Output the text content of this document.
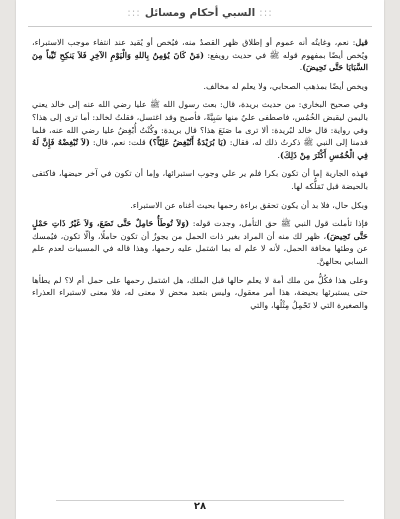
:::
السبي أحكام ومسائل
:::

قيل: نعم، وغايتُه أنه عموم أو إطلاق ظهر القصدُ منه، فيُخص أو يُقيد عند انتفاء موجب الاستبراء، ويُخص أيضًا بمفهوم قوله ﷺ في حديث رويفع: (مَنْ كَانَ يُؤمِنُ بِاللهِ وَالْيَوْمِ الآخِرِ فَلاَ يَنكِحِ ثَيِّباً مِنَ السَّبَايَا حَتَّى تَحِيضَ).

ويخص أيضًا بمذهب الصحابي، ولا يعلم له مخالف.

وفي صحيح البخاري: من حديث بريدة، قال: بعث رسول الله ﷺ عليا رضي الله عنه إلى خالد يعني باليمن ليقبض الخُمُس، فاصطفى عليٌ منها سَبِيَّةً، فأصبح وقد اغتسل، فقلتُ لخالد: أما ترى إلى هذا؟ وفي رواية: قال خالد لبُريدة: ألا ترى ما صَنَعَ هذا؟ قال بريدة: وكُنْتُ أُبْغِضُ عليا رضي الله عنه، فلما قدمنا إلى النبي ﷺ ذكرتُ ذلك له، فقال: (يَا بُرَيْدَةُ أَتُبْغِضُ عَلِيّاً؟) قلت: نعم، قال: (لاَ تُبْغِضْهُ فَإِنَّ لَهُ فِي الْخُمُسِ أَكْثَرَ مِنْ ذَلِكَ).

فهذه الجارية إما أن تكون بكرا فلم ير علي وجوب استبرائها، وإما أن تكون في آخر حيضها، فاكتفى بالحيضة قبل تَمَلُّكه لها.

وبكل حال، فلا بد أن يكون تحقق براءة رحمها بحيث أغناه عن الاستبراء.

فإذا تأملت قول النبي ﷺ حق التأمل، وجدت قوله: (وَلاَ تُوطَأُ حَامِلٌ حَتَّى تَضَعَ، وَلاَ غَيْرُ ذَاتِ حَمْلٍ حَتَّى تَحِيضَ)، ظهر لك منه أن المراد بغير ذات الحمل من يجوزُ أن تكون حاملًا، وألّا تكون، فيُمسك عن وطئها مخافة الحمل، لأنه لا علم له بما اشتمل عليه رحمها، وهذا قاله في المسبيات لعدم علم السابي بحالهنَّ.

وعلى هذا فكُلُّ من ملك أمة لا يعلم حالها قبل الملك، هل اشتمل رحمها على حمل أم لا؟ لم يطأها حتى يستبرئها بحيضة، هذا أمر معقول، وليس بتعبد محض لا معنى له، فلا معنى لاستبراء العذراء والصغيرة التي لا تَحْمِلُ مِثْلُها، والتي

٢٨
